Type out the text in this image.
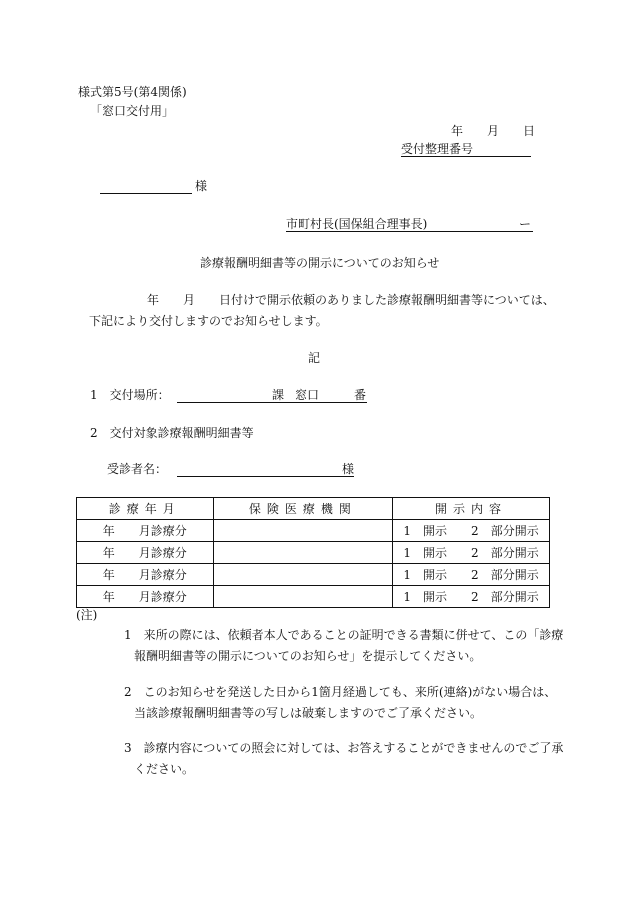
様式第5号(第4関係)
「窓口交付用」
年　　月　　日
受付整理番号
様
市町村長(国保組合理事長)	ー
診療報酬明細書等の開示についてのお知らせ
年　　月　　日付けで開示依頼のありました診療報酬明細書等については、
下記により交付しますのでお知らせします。
記
1　交付場所：	課 窓口	番
2　交付対象診療報酬明細書等
受診者名：	様
診療年月	保険医療機関	開示内容
年　　月診療分		1　開示　　2　部分開示
年　　月診療分		1　開示　　2　部分開示
年　　月診療分		1　開示　　2　部分開示
年　　月診療分		1　開示　　2　部分開示
(注)
1　来所の際には、依頼者本人であることの証明できる書類に併せて、この「診療
報酬明細書等の開示についてのお知らせ」を提示してください。
2　このお知らせを発送した日から1箇月経過しても、来所(連絡)がない場合は、
当該診療報酬明細書等の写しは破棄しますのでご了承ください。
3　診療内容についての照会に対しては、お答えすることができませんのでご了承
ください。
